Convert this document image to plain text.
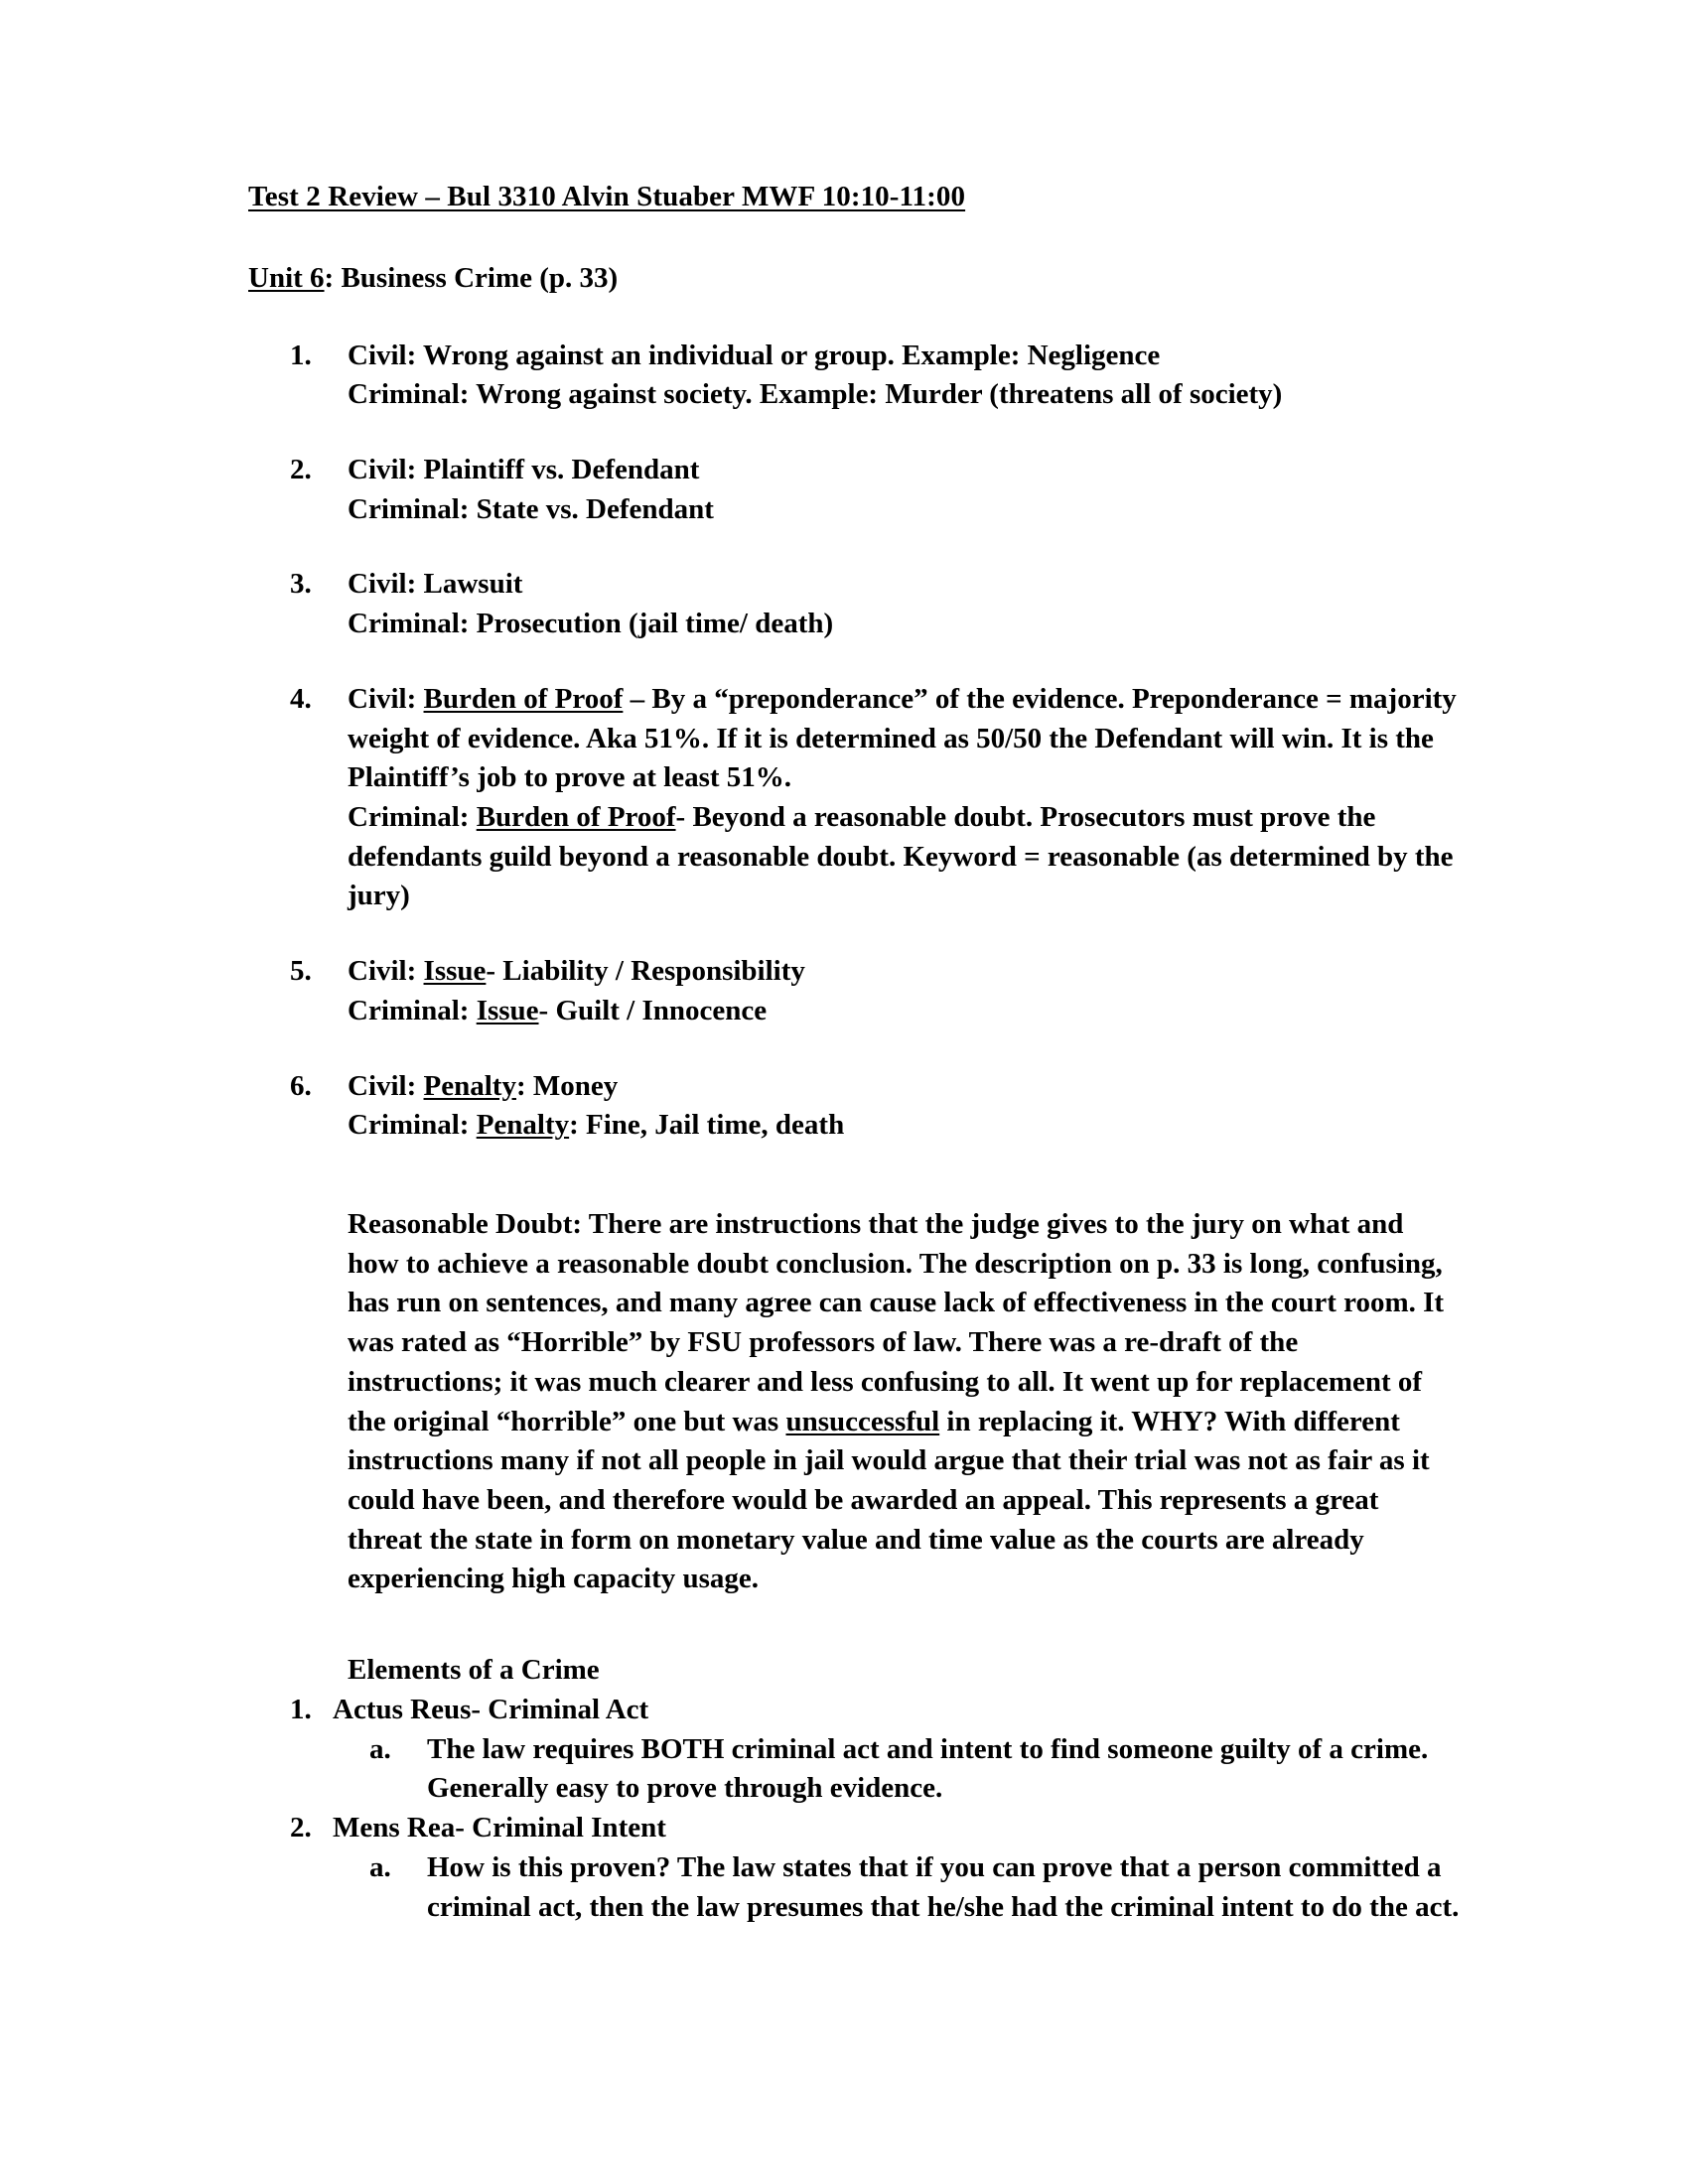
Test 2 Review – Bul 3310 Alvin Stuaber MWF 10:10-11:00
Unit 6: Business Crime (p. 33)
1.	Civil: Wrong against an individual or group. Example: Negligence
Criminal: Wrong against society. Example: Murder (threatens all of society)
2.	Civil: Plaintiff vs. Defendant
Criminal: State vs. Defendant
3.	Civil: Lawsuit
Criminal: Prosecution (jail time/ death)
4.	Civil: Burden of Proof – By a “preponderance” of the evidence. Preponderance = majority weight of evidence. Aka 51%. If it is determined as 50/50 the Defendant will win. It is the Plaintiff’s job to prove at least 51%.
Criminal: Burden of Proof- Beyond a reasonable doubt. Prosecutors must prove the defendants guild beyond a reasonable doubt. Keyword = reasonable (as determined by the jury)
5.	Civil: Issue- Liability / Responsibility
Criminal: Issue- Guilt / Innocence
6.	Civil: Penalty: Money
Criminal: Penalty: Fine, Jail time, death

Reasonable Doubt: There are instructions that the judge gives to the jury on what and how to achieve a reasonable doubt conclusion. The description on p. 33 is long, confusing, has run on sentences, and many agree can cause lack of effectiveness in the court room. It was rated as “Horrible” by FSU professors of law. There was a re-draft of the instructions; it was much clearer and less confusing to all. It went up for replacement of the original “horrible” one but was unsuccessful in replacing it. WHY? With different instructions many if not all people in jail would argue that their trial was not as fair as it could have been, and therefore would be awarded an appeal. This represents a great threat the state in form on monetary value and time value as the courts are already experiencing high capacity usage.

Elements of a Crime
1. Actus Reus- Criminal Act
a.	The law requires BOTH criminal act and intent to find someone guilty of a crime. Generally easy to prove through evidence.
2. Mens Rea- Criminal Intent
a.	How is this proven? The law states that if you can prove that a person committed a criminal act, then the law presumes that he/she had the criminal intent to do the act.
